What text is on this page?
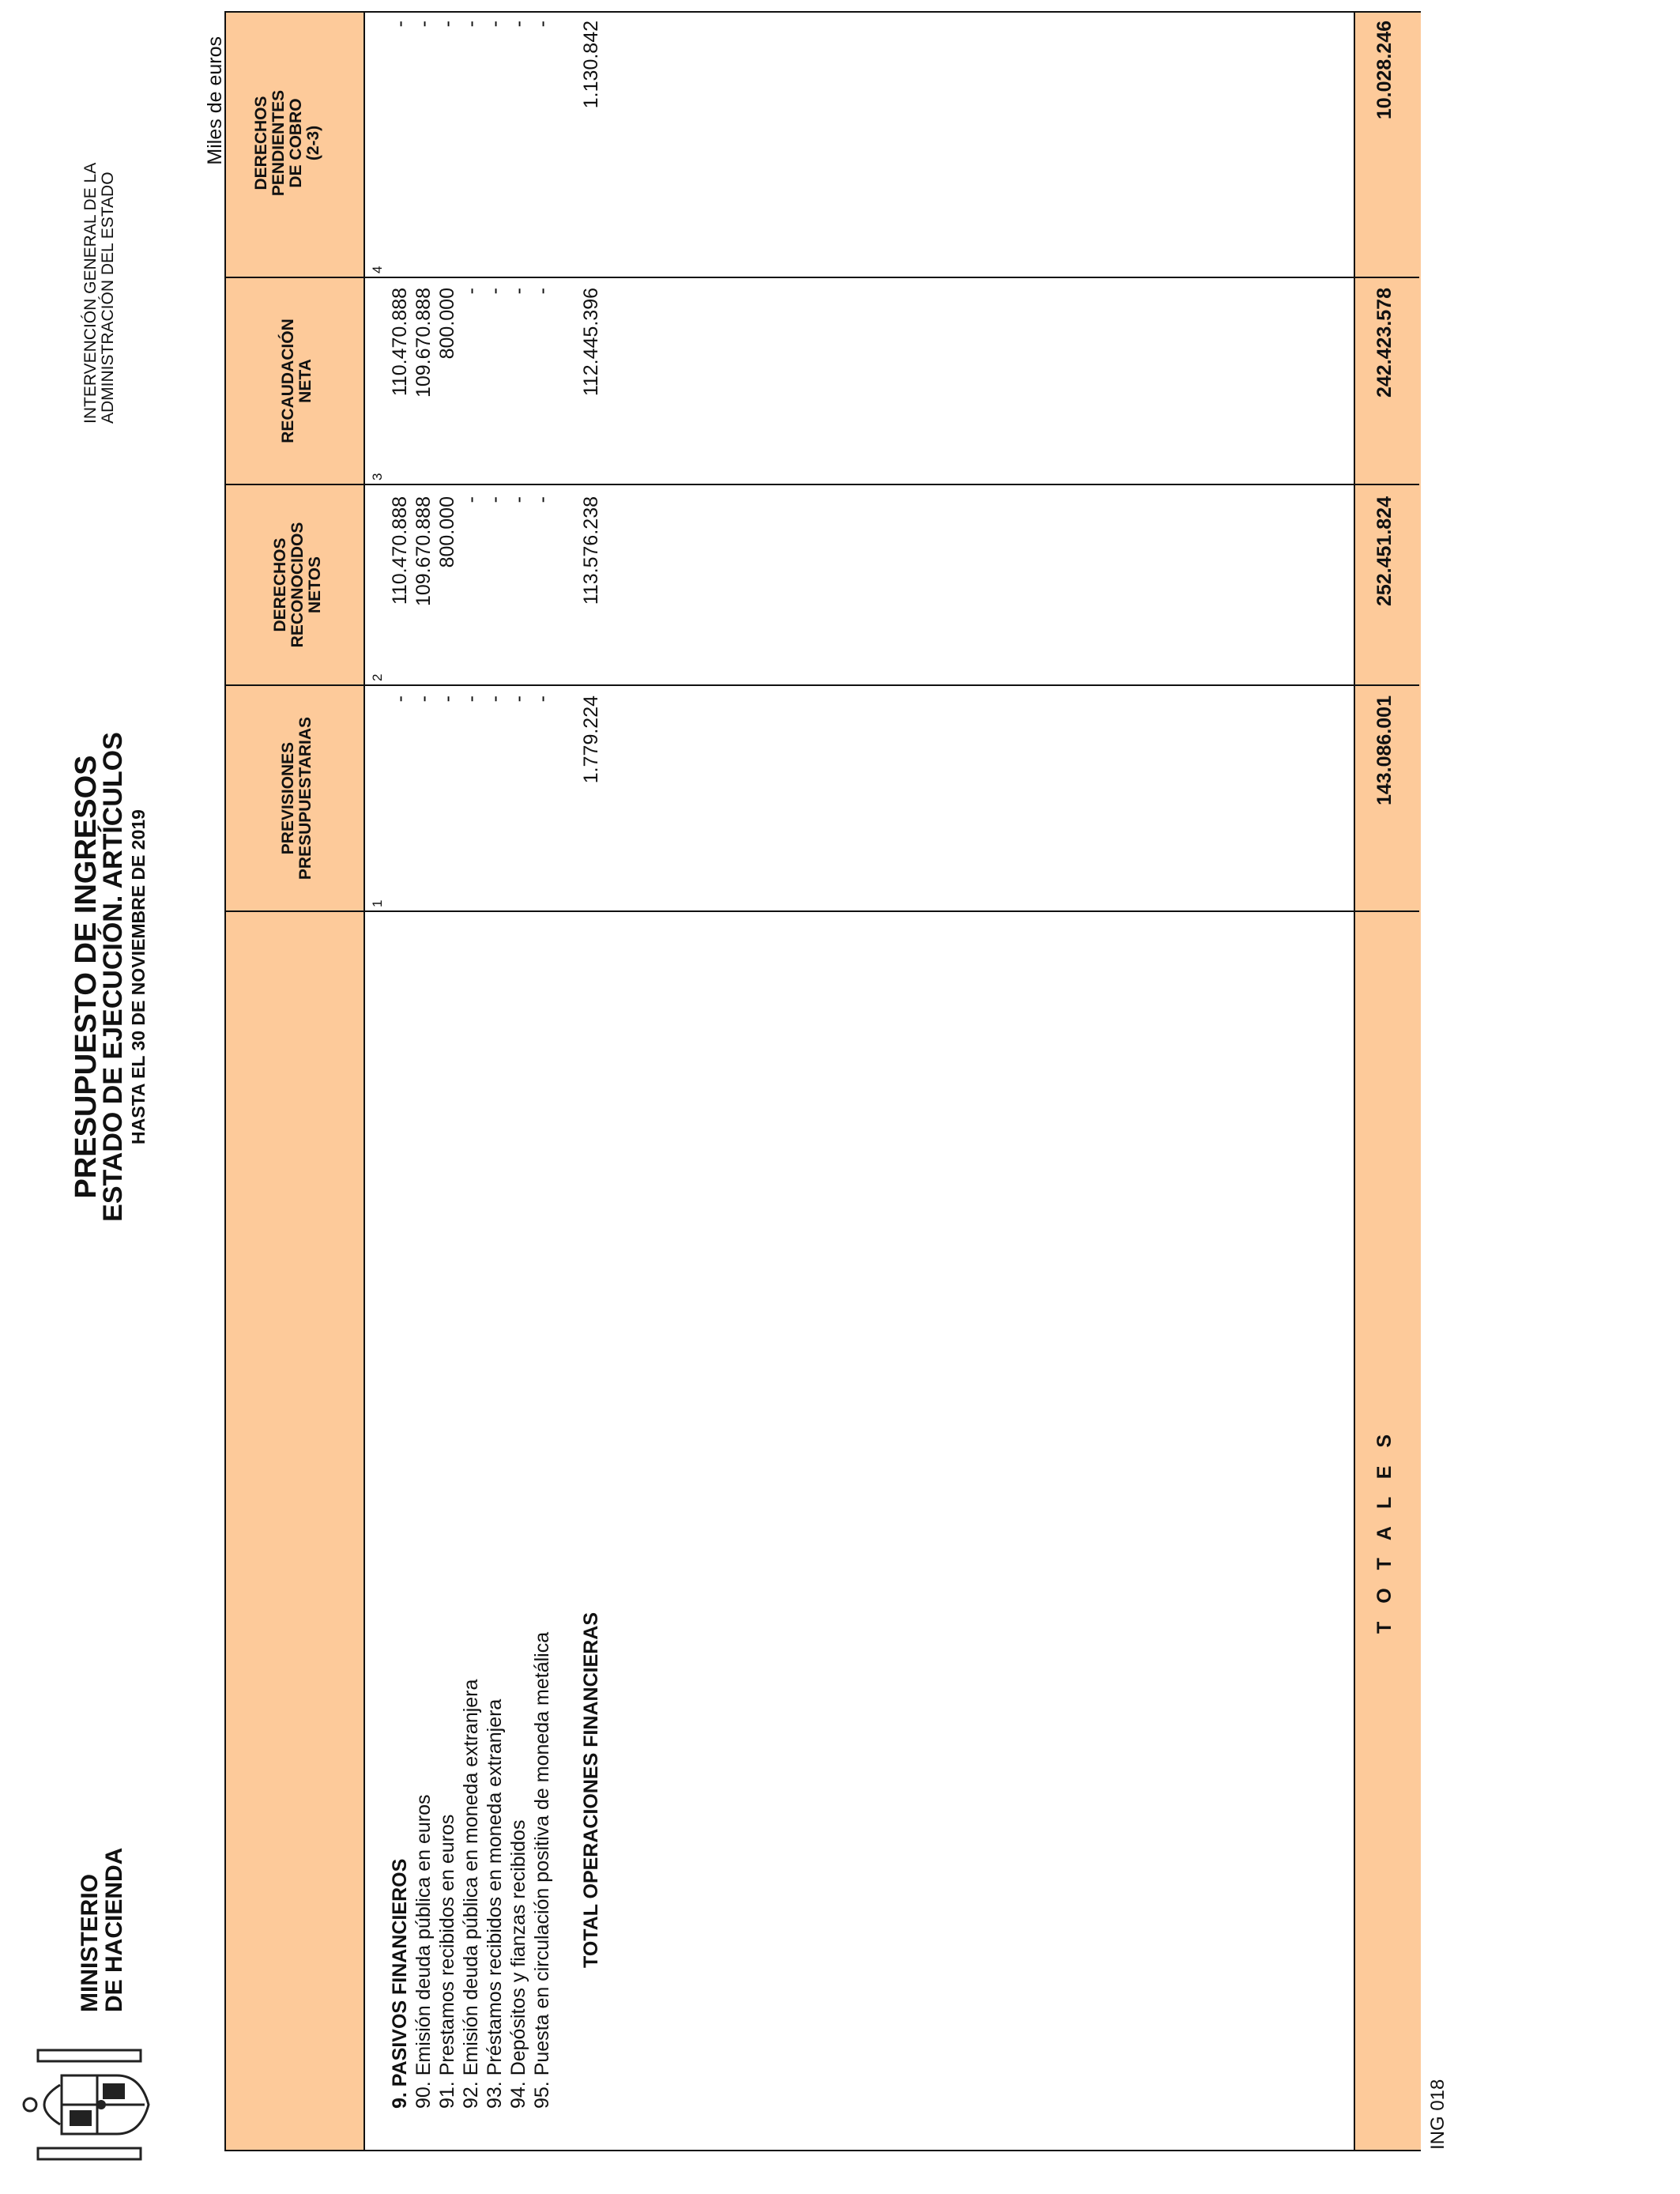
MINISTERIO
DE HACIENDA
PRESUPUESTO DE INGRESOS
ESTADO DE EJECUCIÓN. ARTÍCULOS HASTA EL 30 DE NOVIEMBRE DE 2019
INTERVENCIÓN GENERAL DE LA ADMINISTRACIÓN DEL ESTADO
Miles de euros
PREVISIONES
PRESUPUESTARIAS
DERECHOS
RECONOCIDOS
NETOS
RECAUDACIÓN
NETA
DERECHOS
PENDIENTES
DE COBRO
(2-3)
1
2
3
4
9. PASIVOS FINANCIEROS
-
110.470.888
110.470.888
-
90. Emisión deuda pública en euros
-
109.670.888
109.670.888
-
91. Prestamos recibidos en euros
-
800.000
800.000
-
92. Emisión deuda pública en moneda extranjera
-
-
-
-
93. Préstamos recibidos en moneda extranjera
-
-
-
-
94. Depósitos y fianzas recibidos
-
-
-
-
95. Puesta en circulación positiva de moneda metálica
-
-
-
-
TOTAL OPERACIONES FINANCIERAS
1.779.224
113.576.238
112.445.396
1.130.842
T O T A L E S
143.086.001
252.451.824
242.423.578
10.028.246
ING 018
